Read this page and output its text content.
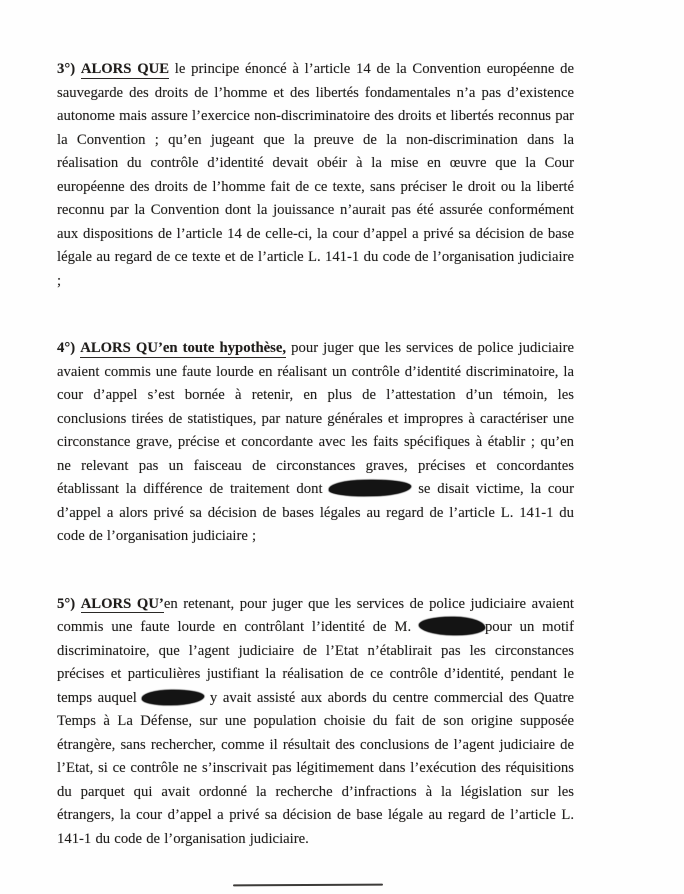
3°) ALORS QUE le principe énoncé à l’article 14 de la Convention européenne de sauvegarde des droits de l’homme et des libertés fondamentales n’a pas d’existence autonome mais assure l’exercice non-discriminatoire des droits et libertés reconnus par la Convention ; qu’en jugeant que la preuve de la non-discrimination dans la réalisation du contrôle d’identité devait obéir à la mise en œuvre que la Cour européenne des droits de l’homme fait de ce texte, sans préciser le droit ou la liberté reconnu par la Convention dont la jouissance n’aurait pas été assurée conformément aux dispositions de l’article 14 de celle-ci, la cour d’appel a privé sa décision de base légale au regard de ce texte et de l’article L. 141-1 du code de l’organisation judiciaire ;

4°) ALORS QU’en toute hypothèse, pour juger que les services de police judiciaire avaient commis une faute lourde en réalisant un contrôle d’identité discriminatoire, la cour d’appel s’est bornée à retenir, en plus de l’attestation d’un témoin, les conclusions tirées de statistiques, par nature générales et impropres à caractériser une circonstance grave, précise et concordante avec les faits spécifiques à établir ; qu’en ne relevant pas un faisceau de circonstances graves, précises et concordantes établissant la différence de traitement dont	se disait victime, la cour d’appel a alors privé sa décision de bases légales au regard de l’article L. 141-1 du code de l’organisation judiciaire ;

5°) ALORS QU’en retenant, pour juger que les services de police judiciaire avaient commis une faute lourde en contrôlant l’identité de M.	pour un motif discriminatoire, que l’agent judiciaire de l’Etat n’établirait pas les circonstances précises et particulières justifiant la réalisation de ce contrôle d’identité, pendant le temps auquel	y avait assisté aux abords du centre commercial des Quatre Temps à La Défense, sur une population choisie du fait de son origine supposée étrangère, sans rechercher, comme il résultait des conclusions de l’agent judiciaire de l’Etat, si ce contrôle ne s’inscrivait pas légitimement dans l’exécution des réquisitions du parquet qui avait ordonné la recherche d’infractions à la législation sur les étrangers, la cour d’appel a privé sa décision de base légale au regard de l’article L. 141-1 du code de l’organisation judiciaire.
